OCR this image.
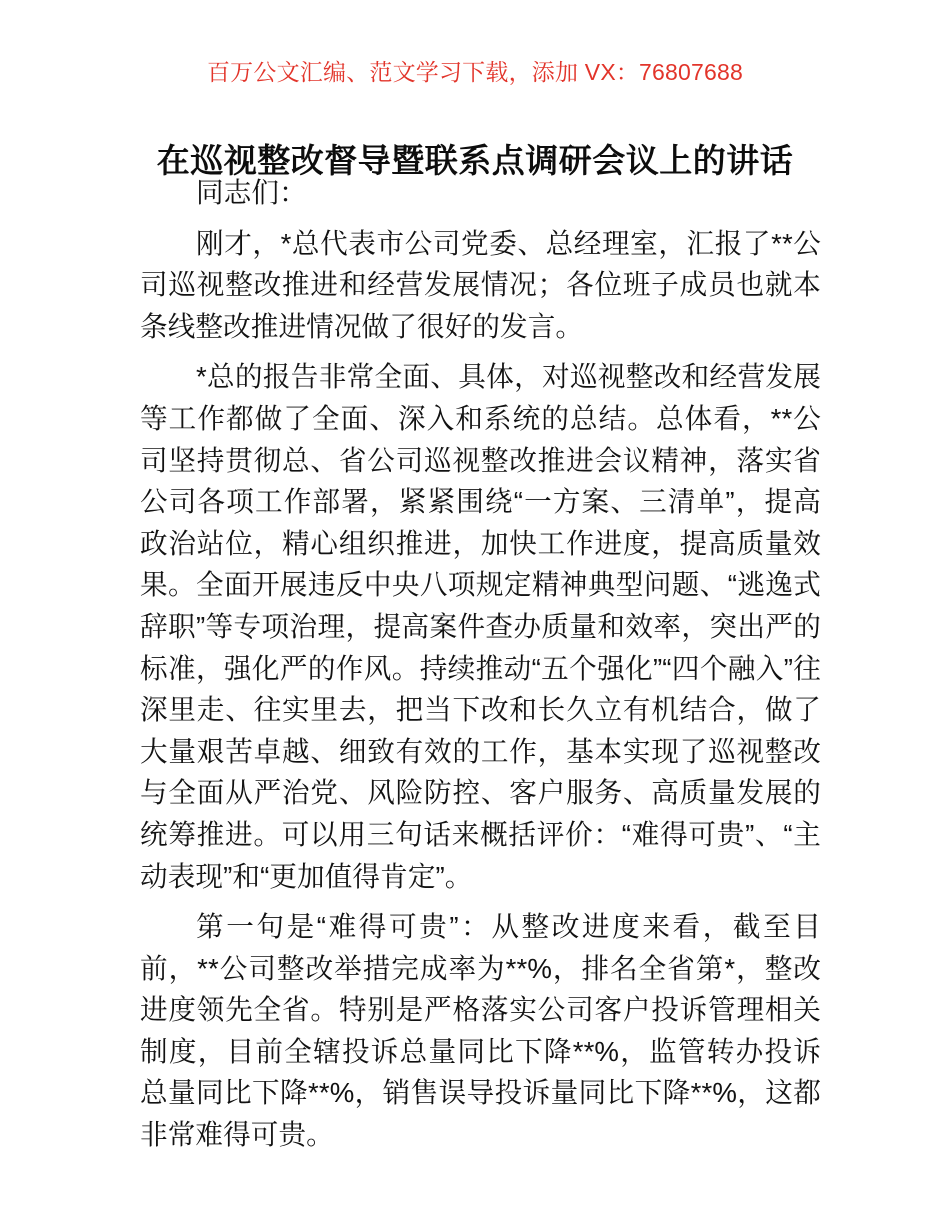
百万公文汇编、范文学习下载，添加 VX：76807688
在巡视整改督导暨联系点调研会议上的讲话

同志们：

刚才，*总代表市公司党委、总经理室，汇报了**公司巡视整改推进和经营发展情况；各位班子成员也就本条线整改推进情况做了很好的发言。

*总的报告非常全面、具体，对巡视整改和经营发展等工作都做了全面、深入和系统的总结。总体看，**公司坚持贯彻总、省公司巡视整改推进会议精神，落实省公司各项工作部署，紧紧围绕“一方案、三清单”，提高政治站位，精心组织推进，加快工作进度，提高质量效果。全面开展违反中央八项规定精神典型问题、“逃逸式辞职”等专项治理，提高案件查办质量和效率，突出严的标准，强化严的作风。持续推动“五个强化”“四个融入”往深里走、往实里去，把当下改和长久立有机结合，做了大量艰苦卓越、细致有效的工作，基本实现了巡视整改与全面从严治党、风险防控、客户服务、高质量发展的统筹推进。可以用三句话来概括评价：“难得可贵”、“主动表现”和“更加值得肯定”。

第一句是“难得可贵”：从整改进度来看，截至目前，**公司整改举措完成率为**%，排名全省第*，整改进度领先全省。特别是严格落实公司客户投诉管理相关制度，目前全辖投诉总量同比下降**%，监管转办投诉总量同比下降**%，销售误导投诉量同比下降**%，这都非常难得可贵。
